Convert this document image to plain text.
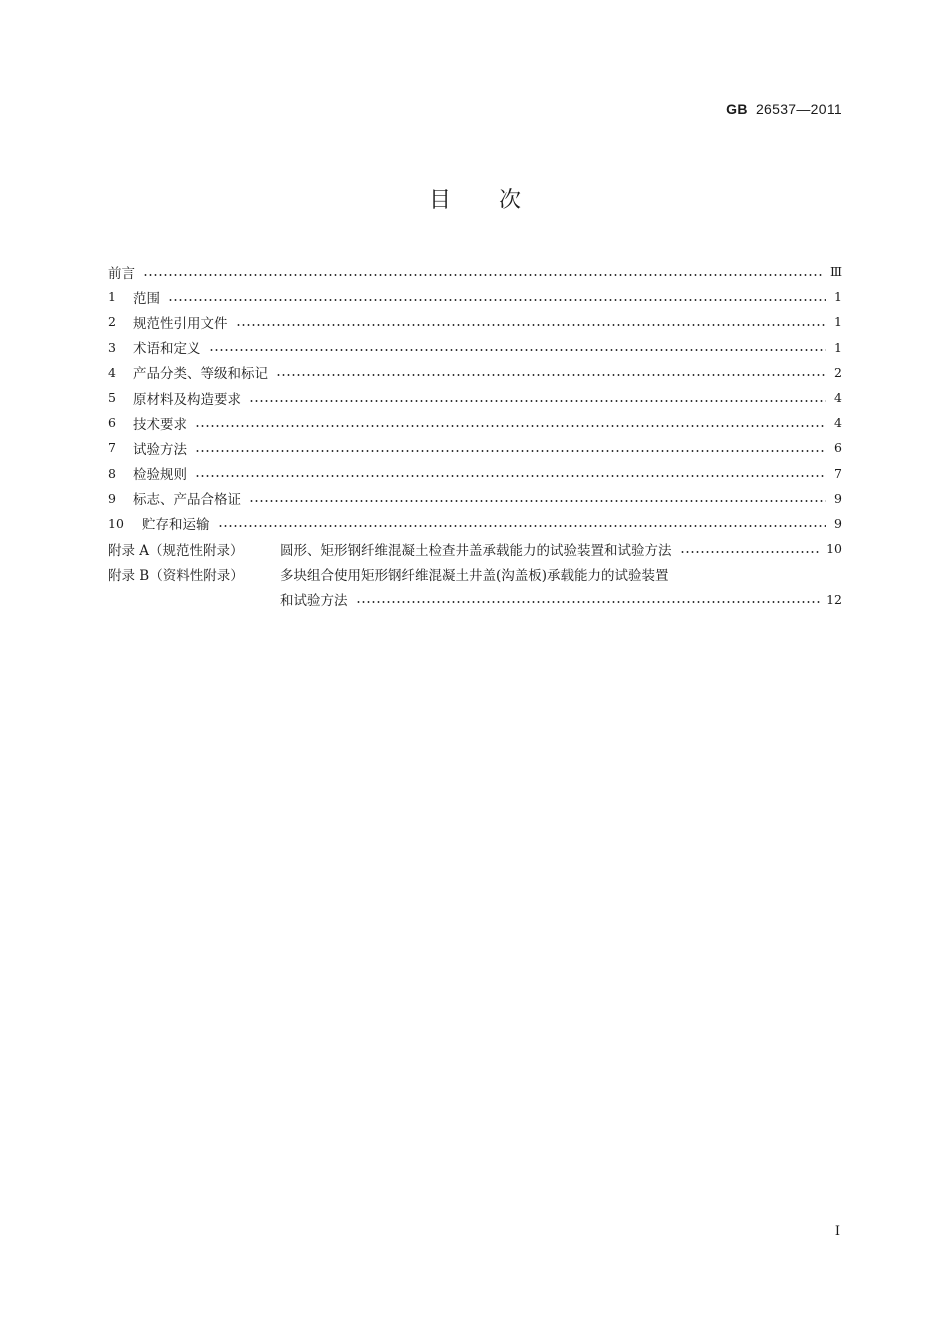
GB 26537—2011
目次
前言	Ⅲ
1	范围	1
2	规范性引用文件	1
3	术语和定义	1
4	产品分类、等级和标记	2
5	原材料及构造要求	4
6	技术要求	4
7	试验方法	6
8	检验规则	7
9	标志、产品合格证	9
10	贮存和运输	9
附录 A（规范性附录）	圆形、矩形钢纤维混凝土检查井盖承载能力的试验装置和试验方法	10
附录 B（资料性附录）	多块组合使用矩形钢纤维混凝土井盖(沟盖板)承载能力的试验装置
和试验方法	12
I
